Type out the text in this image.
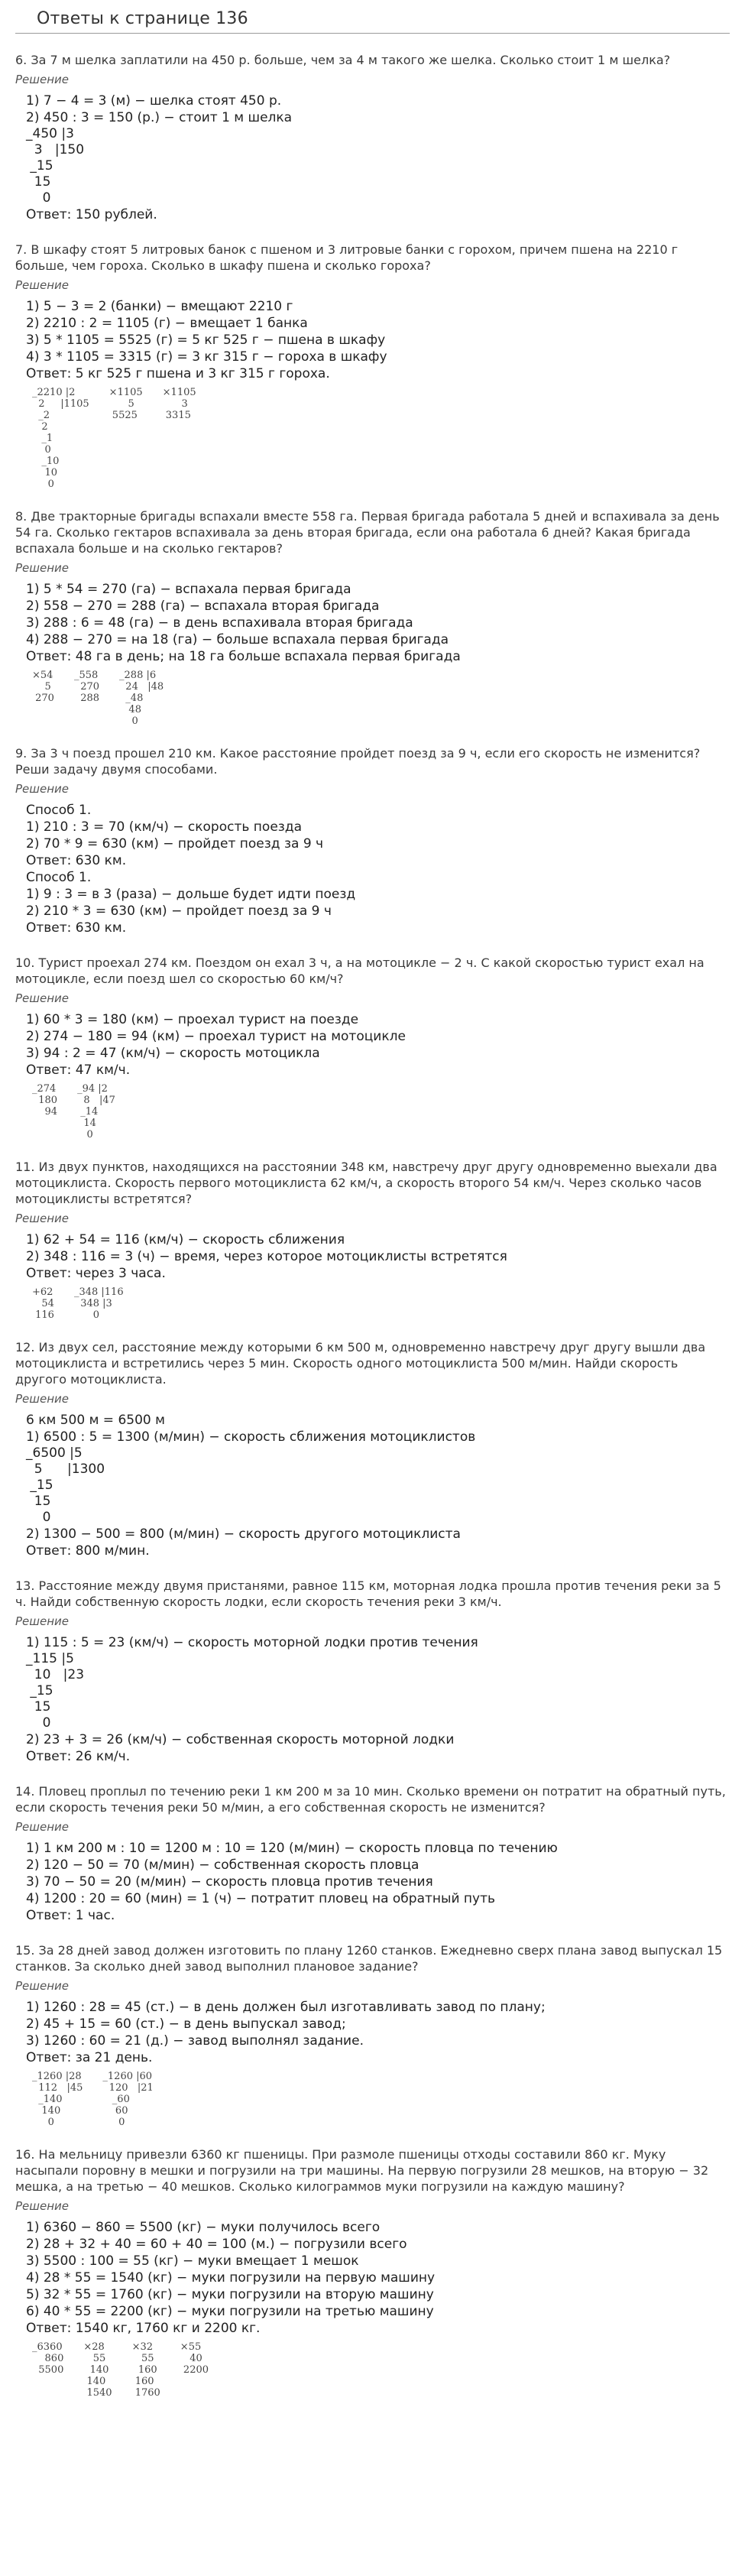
Ответы к странице 136
6. За 7 м шелка заплатили на 450 р. больше, чем за 4 м такого же шелка. Сколько стоит 1 м шелка?
Решение
1) 7 − 4 = 3 (м) − шелка стоят 450 р.
2) 450 : 3 = 150 (р.) − стоит 1 м шелка
_450 |3
3   |150
_15
15
0
Ответ: 150 рублей.
7. В шкафу стоят 5 литровых банок с пшеном и 3 литровые банки с горохом, причем пшена на 2210 г больше, чем гороха. Сколько в шкафу пшена и сколько гороха?
Решение
1) 5 − 3 = 2 (банки) − вмещают 2210 г
2) 2210 : 2 = 1105 (г) − вмещает 1 банка
3) 5 * 1105 = 5525 (г) = 5 кг 525 г − пшена в шкафу
4) 3 * 1105 = 3315 (г) = 3 кг 315 г − гороха в шкафу
Ответ: 5 кг 525 г пшена и 3 кг 315 г гороха.
_2210 |2
2     |1105
_2
2
_1
0
_10
10
0
×1105
5
5525
×1105
3
3315
8. Две тракторные бригады вспахали вместе 558 га. Первая бригада работала 5 дней и вспахивала за день 54 га. Сколько гектаров вспахивала за день вторая бригада, если она работала 6 дней? Какая бригада вспахала больше и на сколько гектаров?
Решение
1) 5 * 54 = 270 (га) − вспахала первая бригада
2) 558 − 270 = 288 (га) − вспахала вторая бригада
3) 288 : 6 = 48 (га) − в день вспахивала вторая бригада
4) 288 − 270 = на 18 (га) − больше вспахала первая бригада
Ответ: 48 га в день; на 18 га больше вспахала первая бригада
×54
5
270
_558
270
288
_288 |6
24   |48
_48
48
0
9. За 3 ч поезд прошел 210 км. Какое расстояние пройдет поезд за 9 ч, если его скорость не изменится?
Реши задачу двумя способами.
Решение
Способ 1.
1) 210 : 3 = 70 (км/ч) − скорость поезда
2) 70 * 9 = 630 (км) − пройдет поезд за 9 ч
Ответ: 630 км.
Способ 1.
1) 9 : 3 = в 3 (раза) − дольше будет идти поезд
2) 210 * 3 = 630 (км) − пройдет поезд за 9 ч
Ответ: 630 км.
10. Турист проехал 274 км. Поездом он ехал 3 ч, а на мотоцикле − 2 ч. С какой скоростью турист ехал на мотоцикле, если поезд шел со скоростью 60 км/ч?
Решение
1) 60 * 3 = 180 (км) − проехал турист на поезде
2) 274 − 180 = 94 (км) − проехал турист на мотоцикле
3) 94 : 2 = 47 (км/ч) − скорость мотоцикла
Ответ: 47 км/ч.
_274
180
94
_94 |2
8   |47
_14
14
0
11. Из двух пунктов, находящихся на расстоянии 348 км, навстречу друг другу одновременно выехали два мотоциклиста. Скорость первого мотоциклиста 62 км/ч, а скорость второго 54 км/ч. Через сколько часов мотоциклисты встретятся?
Решение
1) 62 + 54 = 116 (км/ч) − скорость сближения
2) 348 : 116 = 3 (ч) − время, через которое мотоциклисты встретятся
Ответ: через 3 часа.
+62
54
116
_348 |116
348 |3
0
12. Из двух сел, расстояние между которыми 6 км 500 м, одновременно навстречу друг другу вышли два мотоциклиста и встретились через 5 мин. Скорость одного мотоциклиста 500 м/мин. Найди скорость другого мотоциклиста.
Решение
6 км 500 м = 6500 м
1) 6500 : 5 = 1300 (м/мин) − скорость сближения мотоциклистов
_6500 |5
5      |1300
_15
15
0
2) 1300 − 500 = 800 (м/мин) − скорость другого мотоциклиста
Ответ: 800 м/мин.
13. Расстояние между двумя пристанями, равное 115 км, моторная лодка прошла против течения реки за 5 ч. Найди собственную скорость лодки, если скорость течения реки 3 км/ч.
Решение
1) 115 : 5 = 23 (км/ч) − скорость моторной лодки против течения
_115 |5
10   |23
_15
15
0
2) 23 + 3 = 26 (км/ч) − собственная скорость моторной лодки
Ответ: 26 км/ч.
14. Пловец проплыл по течению реки 1 км 200 м за 10 мин. Сколько времени он потратит на обратный путь, если скорость течения реки 50 м/мин, а его собственная скорость не изменится?
Решение
1) 1 км 200 м : 10 = 1200 м : 10 = 120 (м/мин) − скорость пловца по течению
2) 120 − 50 = 70 (м/мин) − собственная скорость пловца
3) 70 − 50 = 20 (м/мин) − скорость пловца против течения
4) 1200 : 20 = 60 (мин) = 1 (ч) − потратит пловец на обратный путь
Ответ: 1 час.
15. За 28 дней завод должен изготовить по плану 1260 станков. Ежедневно сверх плана завод выпускал 15 станков. За сколько дней завод выполнил плановое задание?
Решение
1) 1260 : 28 = 45 (ст.) − в день должен был изготавливать завод по плану;
2) 45 + 15 = 60 (ст.) − в день выпускал завод;
3) 1260 : 60 = 21 (д.) − завод выполнял задание.
Ответ: за 21 день.
_1260 |28
112   |45
_140
140
0
_1260 |60
120   |21
_60
60
0
16. На мельницу привезли 6360 кг пшеницы. При размоле пшеницы отходы составили 860 кг. Муку насыпали поровну в мешки и погрузили на три машины. На первую погрузили 28 мешков, на вторую − 32 мешка, а на третью − 40 мешков. Сколько килограммов муки погрузили на каждую машину?
Решение
1) 6360 − 860 = 5500 (кг) − муки получилось всего
2) 28 + 32 + 40 = 60 + 40 = 100 (м.) − погрузили всего
3) 5500 : 100 = 55 (кг) − муки вмещает 1 мешок
4) 28 * 55 = 1540 (кг) − муки погрузили на первую машину
5) 32 * 55 = 1760 (кг) − муки погрузили на вторую машину
6) 40 * 55 = 2200 (кг) − муки погрузили на третью машину
Ответ: 1540 кг, 1760 кг и 2200 кг.
_6360
860
5500
×28
55
140
140
1540
×32
55
160
160
1760
×55
40
2200
